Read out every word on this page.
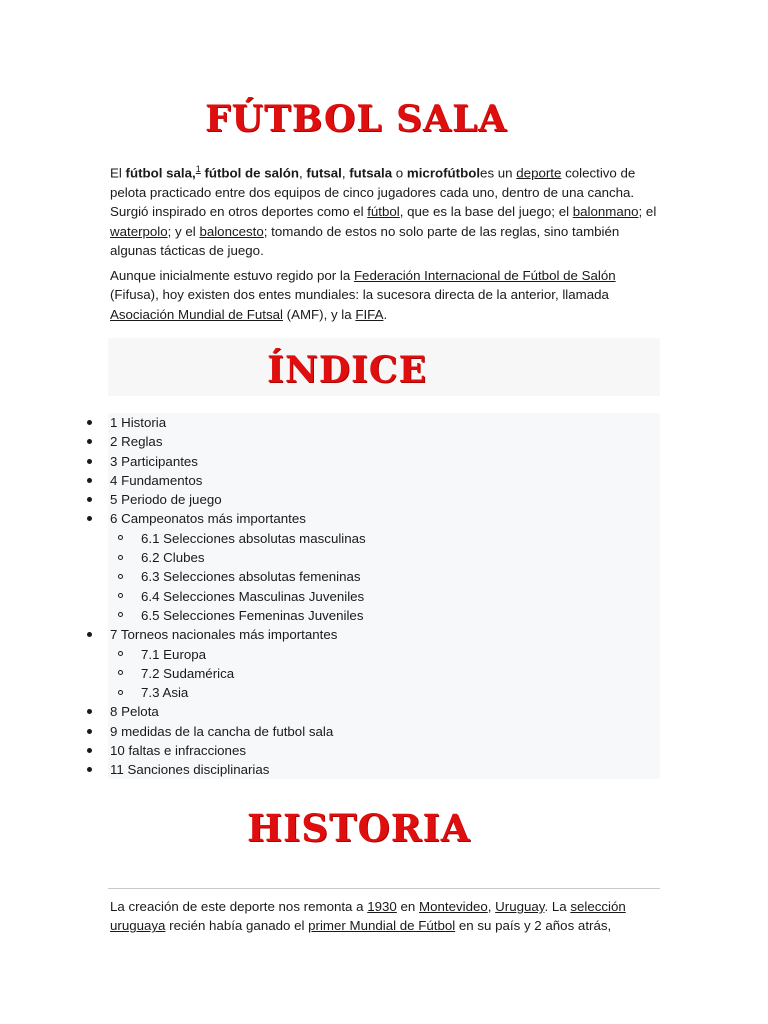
FÚTBOL SALA

El fútbol sala,$^1$ fútbol de salón, futsal, futsala o microfútboles un deporte colectivo de pelota practicado entre dos equipos de cinco jugadores cada uno, dentro de una cancha. Surgió inspirado en otros deportes como el fútbol, que es la base del juego; el balonmano; el waterpolo; y el baloncesto; tomando de estos no solo parte de las reglas, sino también algunas tácticas de juego.

Aunque inicialmente estuvo regido por la Federación Internacional de Fútbol de Salón (Fifusa), hoy existen dos entes mundiales: la sucesora directa de la anterior, llamada Asociación Mundial de Futsal (AMF), y la FIFA.

ÍNDICE
1 Historia
2 Reglas
3 Participantes
4 Fundamentos
5 Periodo de juego
6 Campeonatos más importantes
6.1 Selecciones absolutas masculinas
6.2 Clubes
6.3 Selecciones absolutas femeninas
6.4 Selecciones Masculinas Juveniles
6.5 Selecciones Femeninas Juveniles
7 Torneos nacionales más importantes
7.1 Europa
7.2 Sudamérica
7.3 Asia
8 Pelota
9 medidas de la cancha de futbol sala
10 faltas e infracciones
11 Sanciones disciplinarias
HISTORIA

La creación de este deporte nos remonta a 1930 en Montevideo, Uruguay. La selección uruguaya recién había ganado el primer Mundial de Fútbol en su país y 2 años atrás,
